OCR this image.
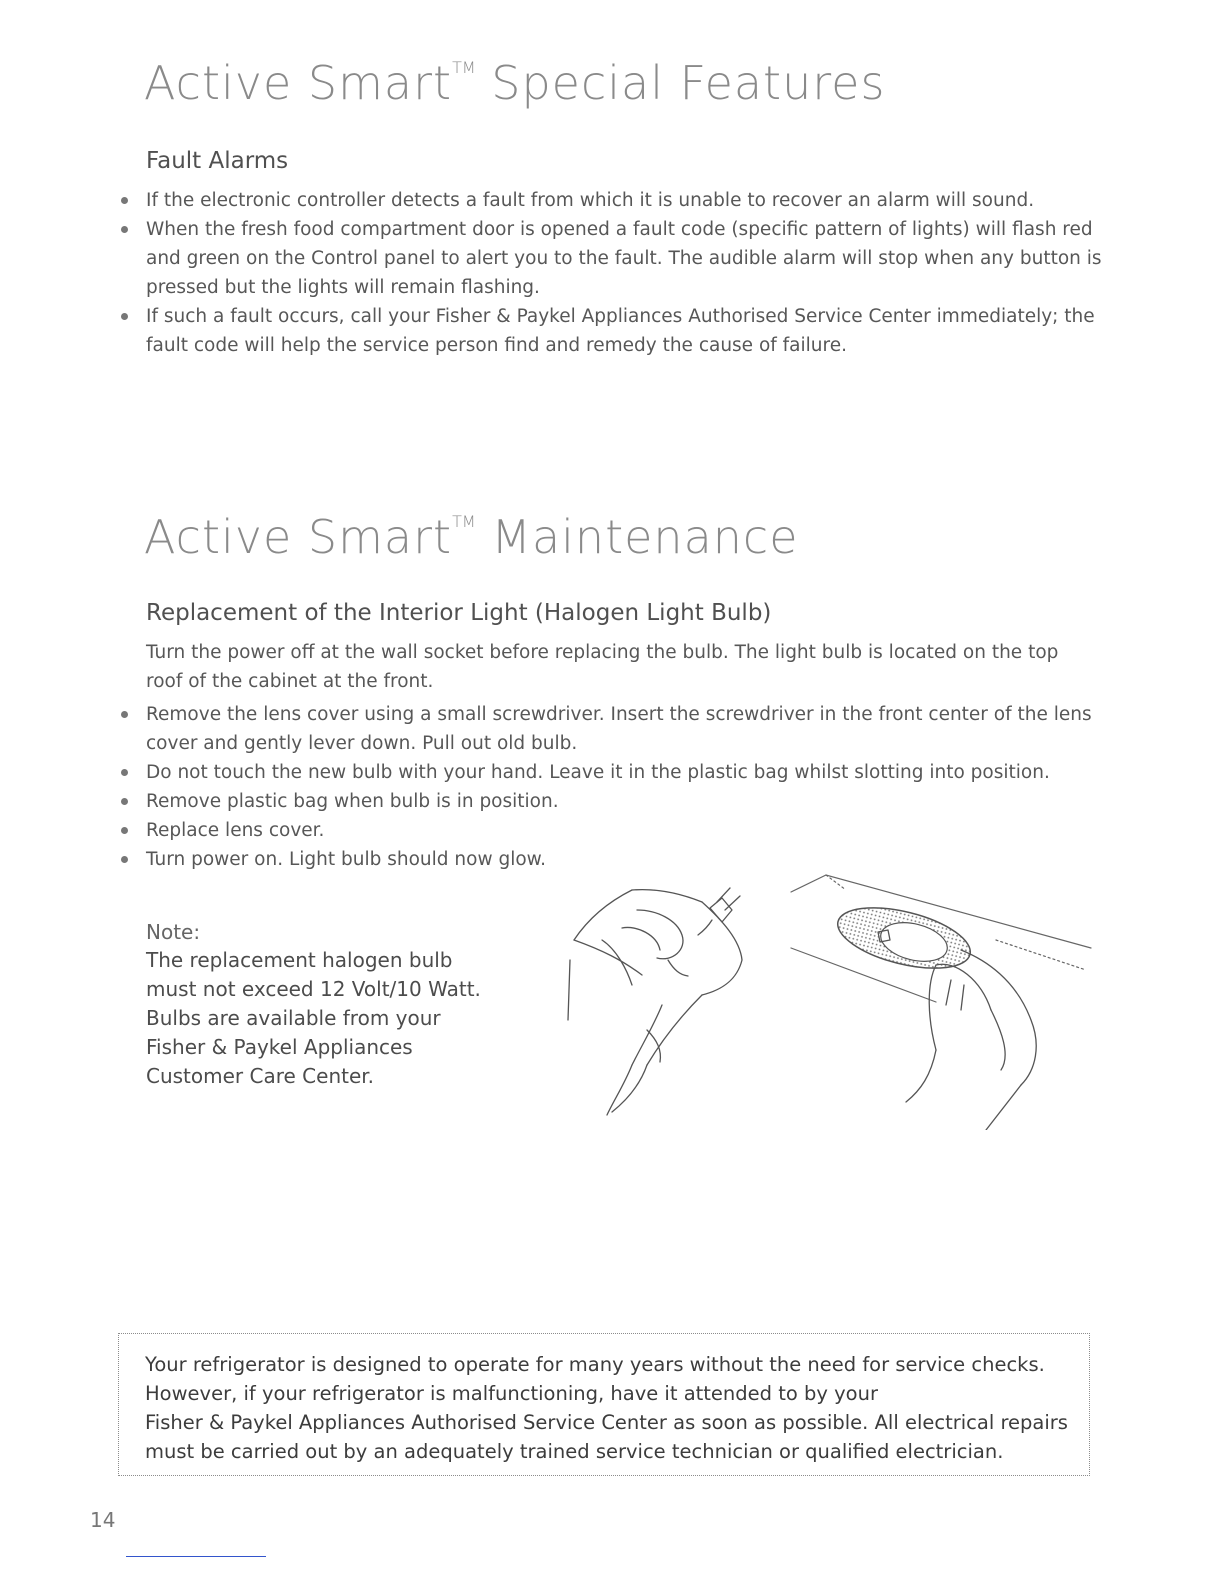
Active Smart™ Special Features
Fault Alarms
If the electronic controller detects a fault from which it is unable to recover an alarm will sound.
When the fresh food compartment door is opened a fault code (specific pattern of lights) will flash red and green on the Control panel to alert you to the fault. The audible alarm will stop when any button is pressed but the lights will remain flashing.
If such a fault occurs, call your Fisher & Paykel Appliances Authorised Service Center immediately; the fault code will help the service person find and remedy the cause of failure.
Active Smart™ Maintenance
Replacement of the Interior Light (Halogen Light Bulb)
Turn the power off at the wall socket before replacing the bulb. The light bulb is located on the top roof of the cabinet at the front.
Remove the lens cover using a small screwdriver. Insert the screwdriver in the front center of the lens cover and gently lever down. Pull out old bulb.
Do not touch the new bulb with your hand. Leave it in the plastic bag whilst slotting into position.
Remove plastic bag when bulb is in position.
Replace lens cover.
Turn power on. Light bulb should now glow.
Note:
The replacement halogen bulb
must not exceed 12 Volt/10 Watt.
Bulbs are available from your
Fisher & Paykel Appliances
Customer Care Center.
Your refrigerator is designed to operate for many years without the need for service checks.
However, if your refrigerator is malfunctioning, have it attended to by your
Fisher & Paykel Appliances Authorised Service Center as soon as possible. All electrical repairs
must be carried out by an adequately trained service technician or qualified electrician.
14
